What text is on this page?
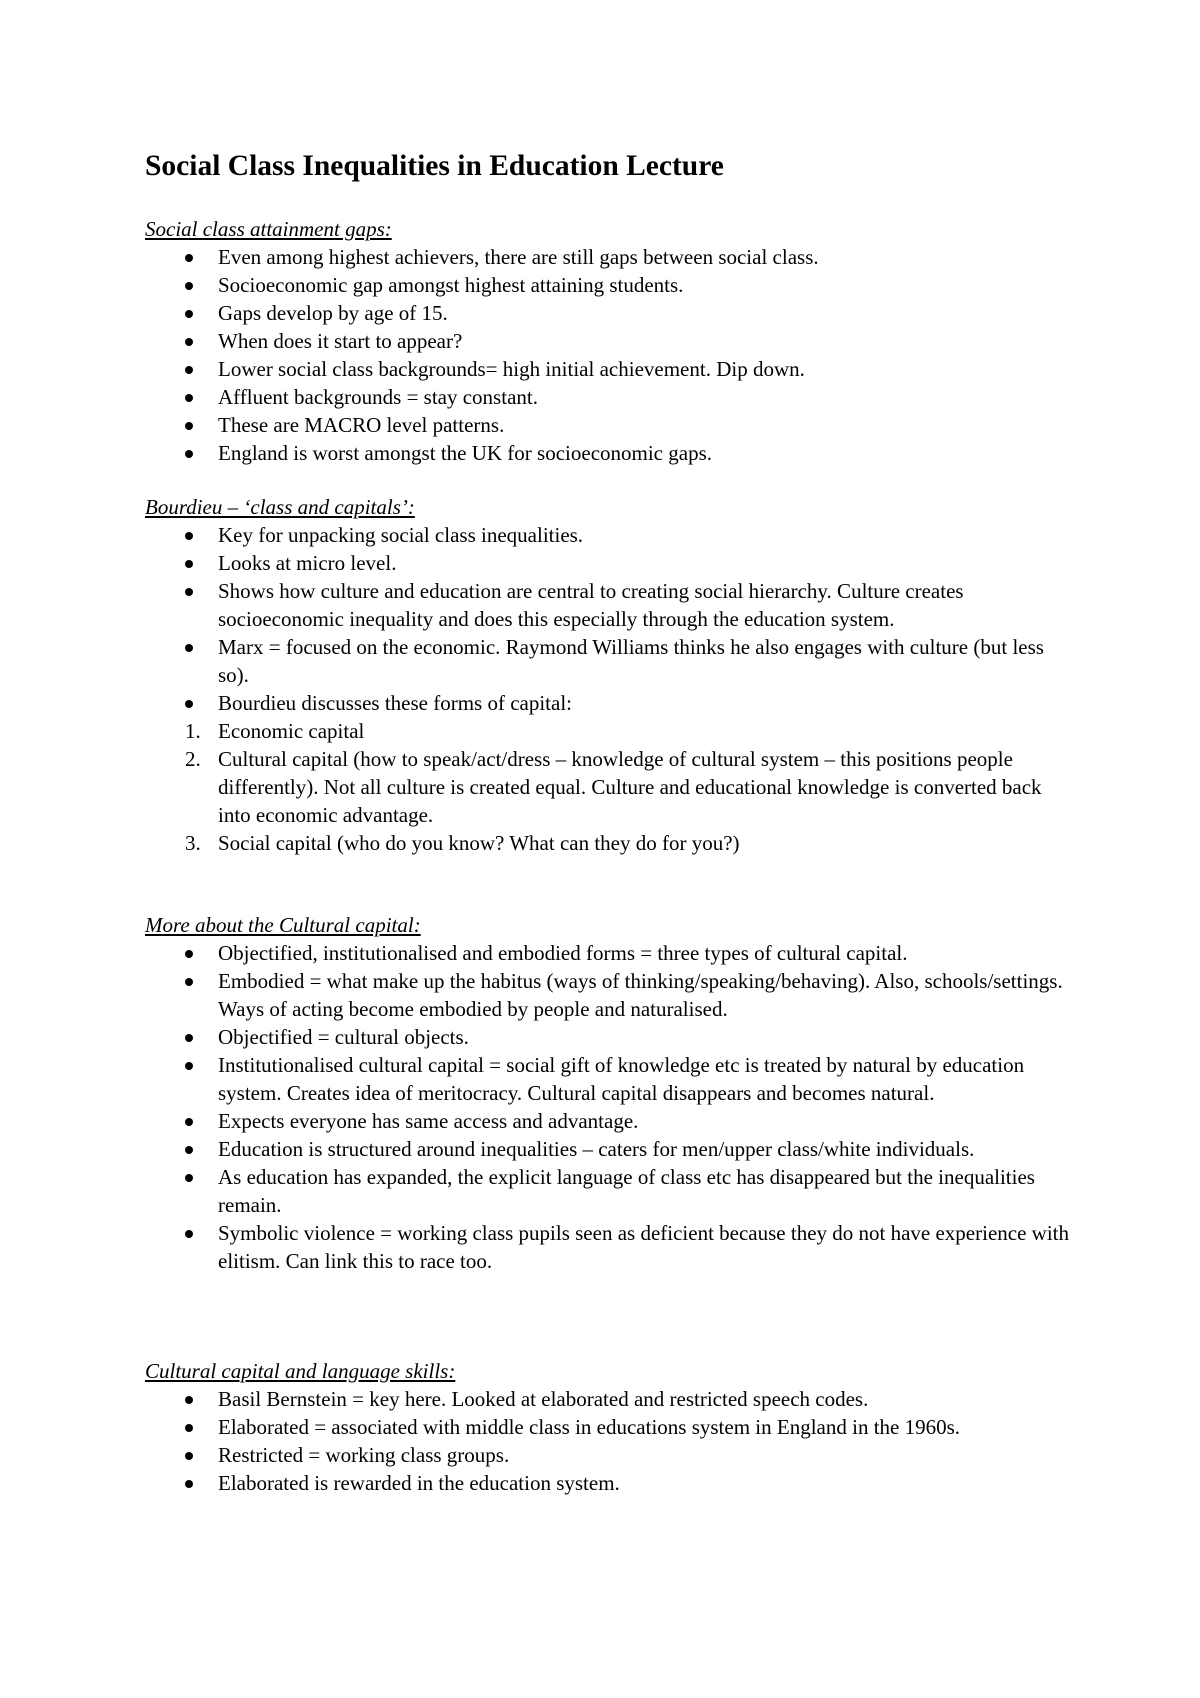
Social Class Inequalities in Education Lecture

Social class attainment gaps:

Even among highest achievers, there are still gaps between social class.
Socioeconomic gap amongst highest attaining students.
Gaps develop by age of 15.
When does it start to appear?
Lower social class backgrounds= high initial achievement. Dip down.
Affluent backgrounds = stay constant.
These are MACRO level patterns.
England is worst amongst the UK for socioeconomic gaps.

Bourdieu – ‘class and capitals’:

Key for unpacking social class inequalities.
Looks at micro level.
Shows how culture and education are central to creating social hierarchy. Culture creates socioeconomic inequality and does this especially through the education system.
Marx = focused on the economic. Raymond Williams thinks he also engages with culture (but less so).
Bourdieu discusses these forms of capital:
1. Economic capital
2. Cultural capital (how to speak/act/dress – knowledge of cultural system – this positions people differently). Not all culture is created equal. Culture and educational knowledge is converted back into economic advantage.
3. Social capital (who do you know? What can they do for you?)

More about the Cultural capital:

Objectified, institutionalised and embodied forms = three types of cultural capital.
Embodied = what make up the habitus (ways of thinking/speaking/behaving). Also, schools/settings. Ways of acting become embodied by people and naturalised.
Objectified = cultural objects.
Institutionalised cultural capital = social gift of knowledge etc is treated by natural by education system. Creates idea of meritocracy. Cultural capital disappears and becomes natural.
Expects everyone has same access and advantage.
Education is structured around inequalities – caters for men/upper class/white individuals.
As education has expanded, the explicit language of class etc has disappeared but the inequalities remain.
Symbolic violence = working class pupils seen as deficient because they do not have experience with elitism. Can link this to race too.

Cultural capital and language skills:

Basil Bernstein = key here. Looked at elaborated and restricted speech codes.
Elaborated = associated with middle class in educations system in England in the 1960s.
Restricted = working class groups.
Elaborated is rewarded in the education system.
